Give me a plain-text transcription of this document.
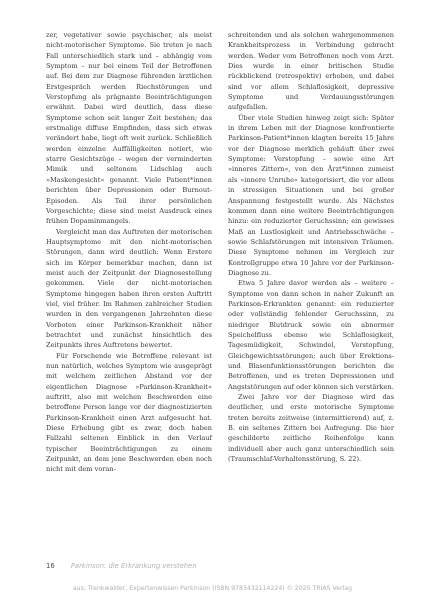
zer, vegetativer sowie psychischer, als meist nicht-motorischer Symptome. Sie treten je nach Fall unterschiedlich stark und – abhängig vom Symptom – nur bei einem Teil der Betroffenen auf. Bei dem zur Diagnose führenden ärztlichen Erstgespräch werden Riechstörungen und Verstopfung als prägnante Beeinträchtigungen erwähnt. Dabei wird deutlich, dass diese Symptome schon seit langer Zeit bestehen; das erstmalige diffuse Empfinden, dass sich etwas verändert habe, liegt oft weit zurück. Schließlich werden einzelne Auffälligkeiten notiert, wie starre Gesichtszüge – wegen der verminderten Mimik und seltenem Lidschlag auch »Maskengesicht« genannt. Viele Patient*innen berichten über Depressionen oder Burnout-Episoden. Als Teil ihrer persönlichen Vorgeschichte; diese sind meist Ausdruck eines frühen Dopaminmangels.

Vergleicht man das Auftreten der motorischen Hauptsymptome mit den nicht-motorischen Störungen, dann wird deutlich: Wenn Erstere sich im Körper bemerkbar machen, dann ist meist auch der Zeitpunkt der Diagnosestellung gekommen. Viele der nicht-motorischen Symptome hingegen haben ihren ersten Auftritt viel, viel früher. Im Rahmen zahlreicher Studien wurden in den vergangenen Jahrzehnten diese Vorboten einer Parkinson-Krankheit näher betrachtet und zunächst hinsichtlich des Zeitpunkts ihres Auftretens bewertet.

Für Forschende wie Betroffene relevant ist nun natürlich, welches Symptom wie ausgeprägt mit welchem zeitlichen Abstand vor der eigentlichen Diagnose »Parkinson-Krankheit« auftritt, also mit welchen Beschwerden eine betroffene Person lange vor der diagnostizierten Parkinson-Krankheit einen Arzt aufgesucht hat. Diese Erhebung gibt es zwar, doch haben Fallzahl seltenen Einblick in den Verlauf typischer Beeinträchtigungen zu einem Zeitpunkt, an dem jene Beschwerden eben noch nicht mit dem voran-

schreitenden und als solchen wahrgenommenen Krankheitsprozess in Verbindung gebracht werden. Weder vom Betroffenen noch vom Arzt. Dies wurde in einer britischen Studie rückblickend (retrospektiv) erhoben, und dabei sind vor allem Schlaflosigkeit, depressive Symptome und Verdauungsstörungen aufgefallen.

Über viele Studien hinweg zeigt sich: Später in ihrem Leben mit der Diagnose konfrontierte Parkinson-Patient*innen klagten bereits 15 Jahre vor der Diagnose merklich gehäuft über zwei Symptome: Verstopfung – sowie eine Art »inneres Zittern«, von den Ärzt*innen zumeist als »innere Unruhe« kategorisiert, die vor allem in stressigen Situationen und bei großer Anspannung festgestellt wurde. Als Nächstes kommen dann eine weitere Beeinträchtigungen hinzu: ein reduzierter Geruchssinn; ein gewisses Maß an Lustlosigkeit und Antriebsschwäche – sowie Schlafstörungen mit intensiven Träumen. Diese Symptome nehmen im Vergleich zur Kontrollgruppe etwa 10 Jahre vor der Parkinson-Diagnose zu.

Etwa 5 Jahre davor werden als – weitere – Symptome von dann schon in naher Zukunft an Parkinson-Erkrankten genannt: ein reduzierter oder vollständig fehlender Geruchssinn, zu niedriger Blutdruck sowie ein abnormer Speichelfluss ebenso wie Schlaflosigkeit, Tagesmüdigkeit, Schwindel, Verstopfung, Gleichgewichtsstörungen; auch über Erektions- und Blasenfunktionsstörungen berichten die Betroffenen, und es treten Depressionen und Angststörungen auf oder können sich verstärken.

Zwei Jahre vor der Diagnose wird das deutlicher, und erste motorische Symptome treten bereits zeitweise (intermittierend) auf, z. B. ein seltenes Zittern bei Aufregung. Die hier geschilderte zeitliche Reihenfolge kann individuell aber auch ganz unterschiedlich sein (Traumschlaf-Verhaltensstörung, S. 22).

16 Parkinson: die Erkrankung verstehen
aus: Trenkwalder, Expertenwissen Parkinson (ISBN 9783432114224) © 2025 TRIAS Verlag
